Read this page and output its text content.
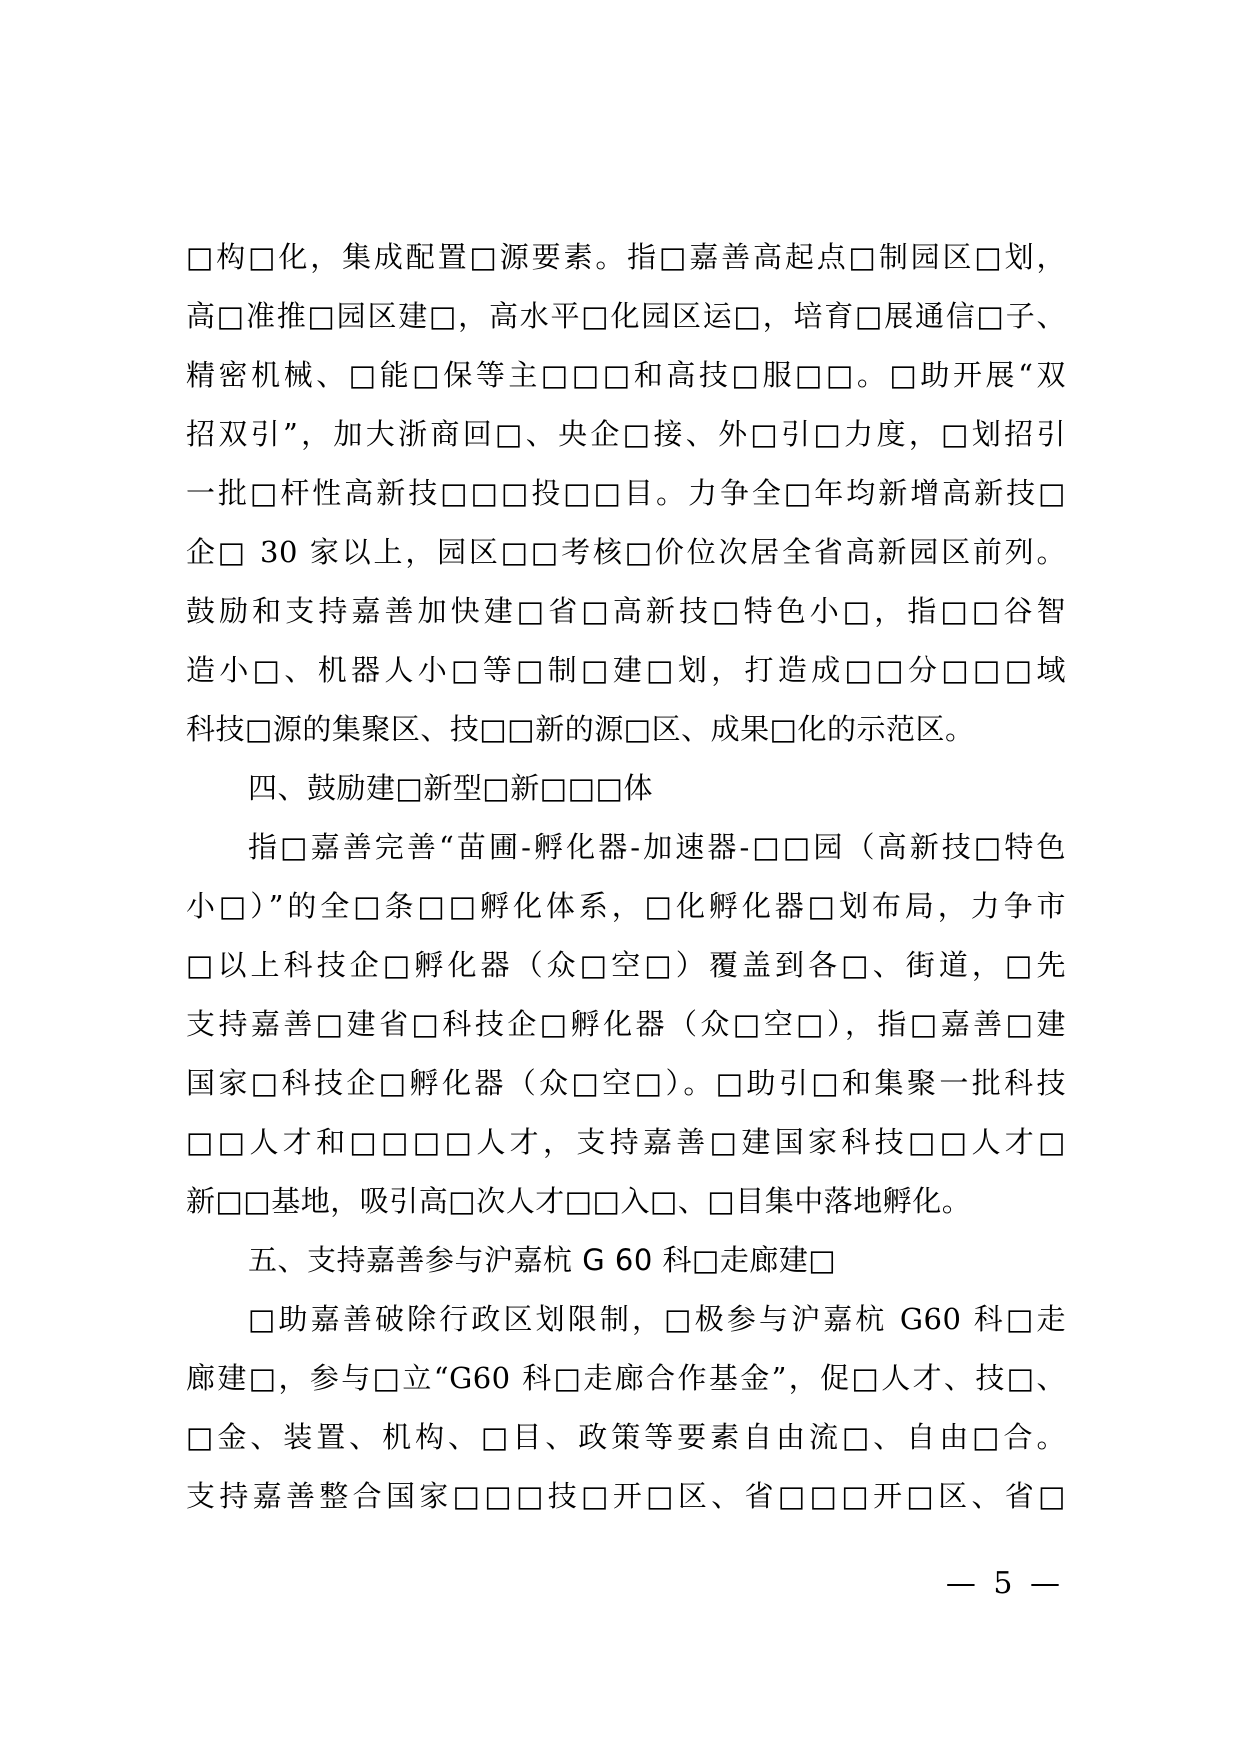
□构□化，集成配置□源要素。指□嘉善高起点□制园区□划，
高□准推□园区建□，高水平□化园区运□，培育□展通信□子、
精密机械、□能□保等主□□□和高技□服□□。□助开展“双
招双引”，加大浙商回□、央企□接、外□引□力度，□划招引
一批□杆性高新技□□□投□□目。力争全□年均新增高新技□
企□ 30 家以上，园区□□考核□价位次居全省高新园区前列。
鼓励和支持嘉善加快建□省□高新技□特色小□，指□□谷智
造小□、机器人小□等□制□建□划，打造成□□分□□□域
科技□源的集聚区、技□□新的源□区、成果□化的示范区。
四、鼓励建□新型□新□□□体
指□嘉善完善“苗圃-孵化器-加速器-□□园（高新技□特色
小□）”的全□条□□孵化体系，□化孵化器□划布局，力争市
□以上科技企□孵化器（众□空□）覆盖到各□、街道，□先
支持嘉善□建省□科技企□孵化器（众□空□），指□嘉善□建
国家□科技企□孵化器（众□空□）。□助引□和集聚一批科技
□□人才和□□□□人才，支持嘉善□建国家科技□□人才□
新□□基地，吸引高□次人才□□入□、□目集中落地孵化。
五、支持嘉善参与沪嘉杭 G 60 科□走廊建□
□助嘉善破除行政区划限制，□极参与沪嘉杭 G60 科□走
廊建□，参与□立“G60 科□走廊合作基金”，促□人才、技□、
□金、装置、机构、□目、政策等要素自由流□、自由□合。
支持嘉善整合国家□□□技□开□区、省□□□开□区、省□
— 5 —
